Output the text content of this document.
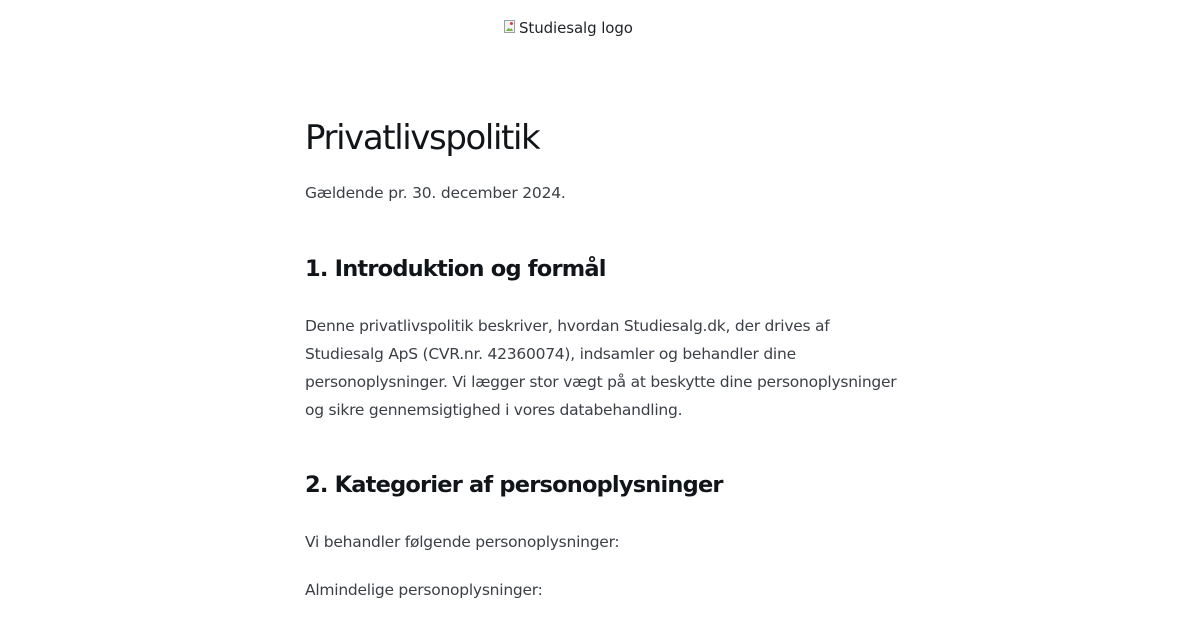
Studiesalg logo
Privatlivspolitik

Gældende pr. 30. december 2024.

1. Introduktion og formål

Denne privatlivspolitik beskriver, hvordan Studiesalg.dk, der drives af
Studiesalg ApS (CVR.nr. 42360074), indsamler og behandler dine
personoplysninger. Vi lægger stor vægt på at beskytte dine personoplysninger
og sikre gennemsigtighed i vores databehandling.

2. Kategorier af personoplysninger

Vi behandler følgende personoplysninger:

Almindelige personoplysninger:
